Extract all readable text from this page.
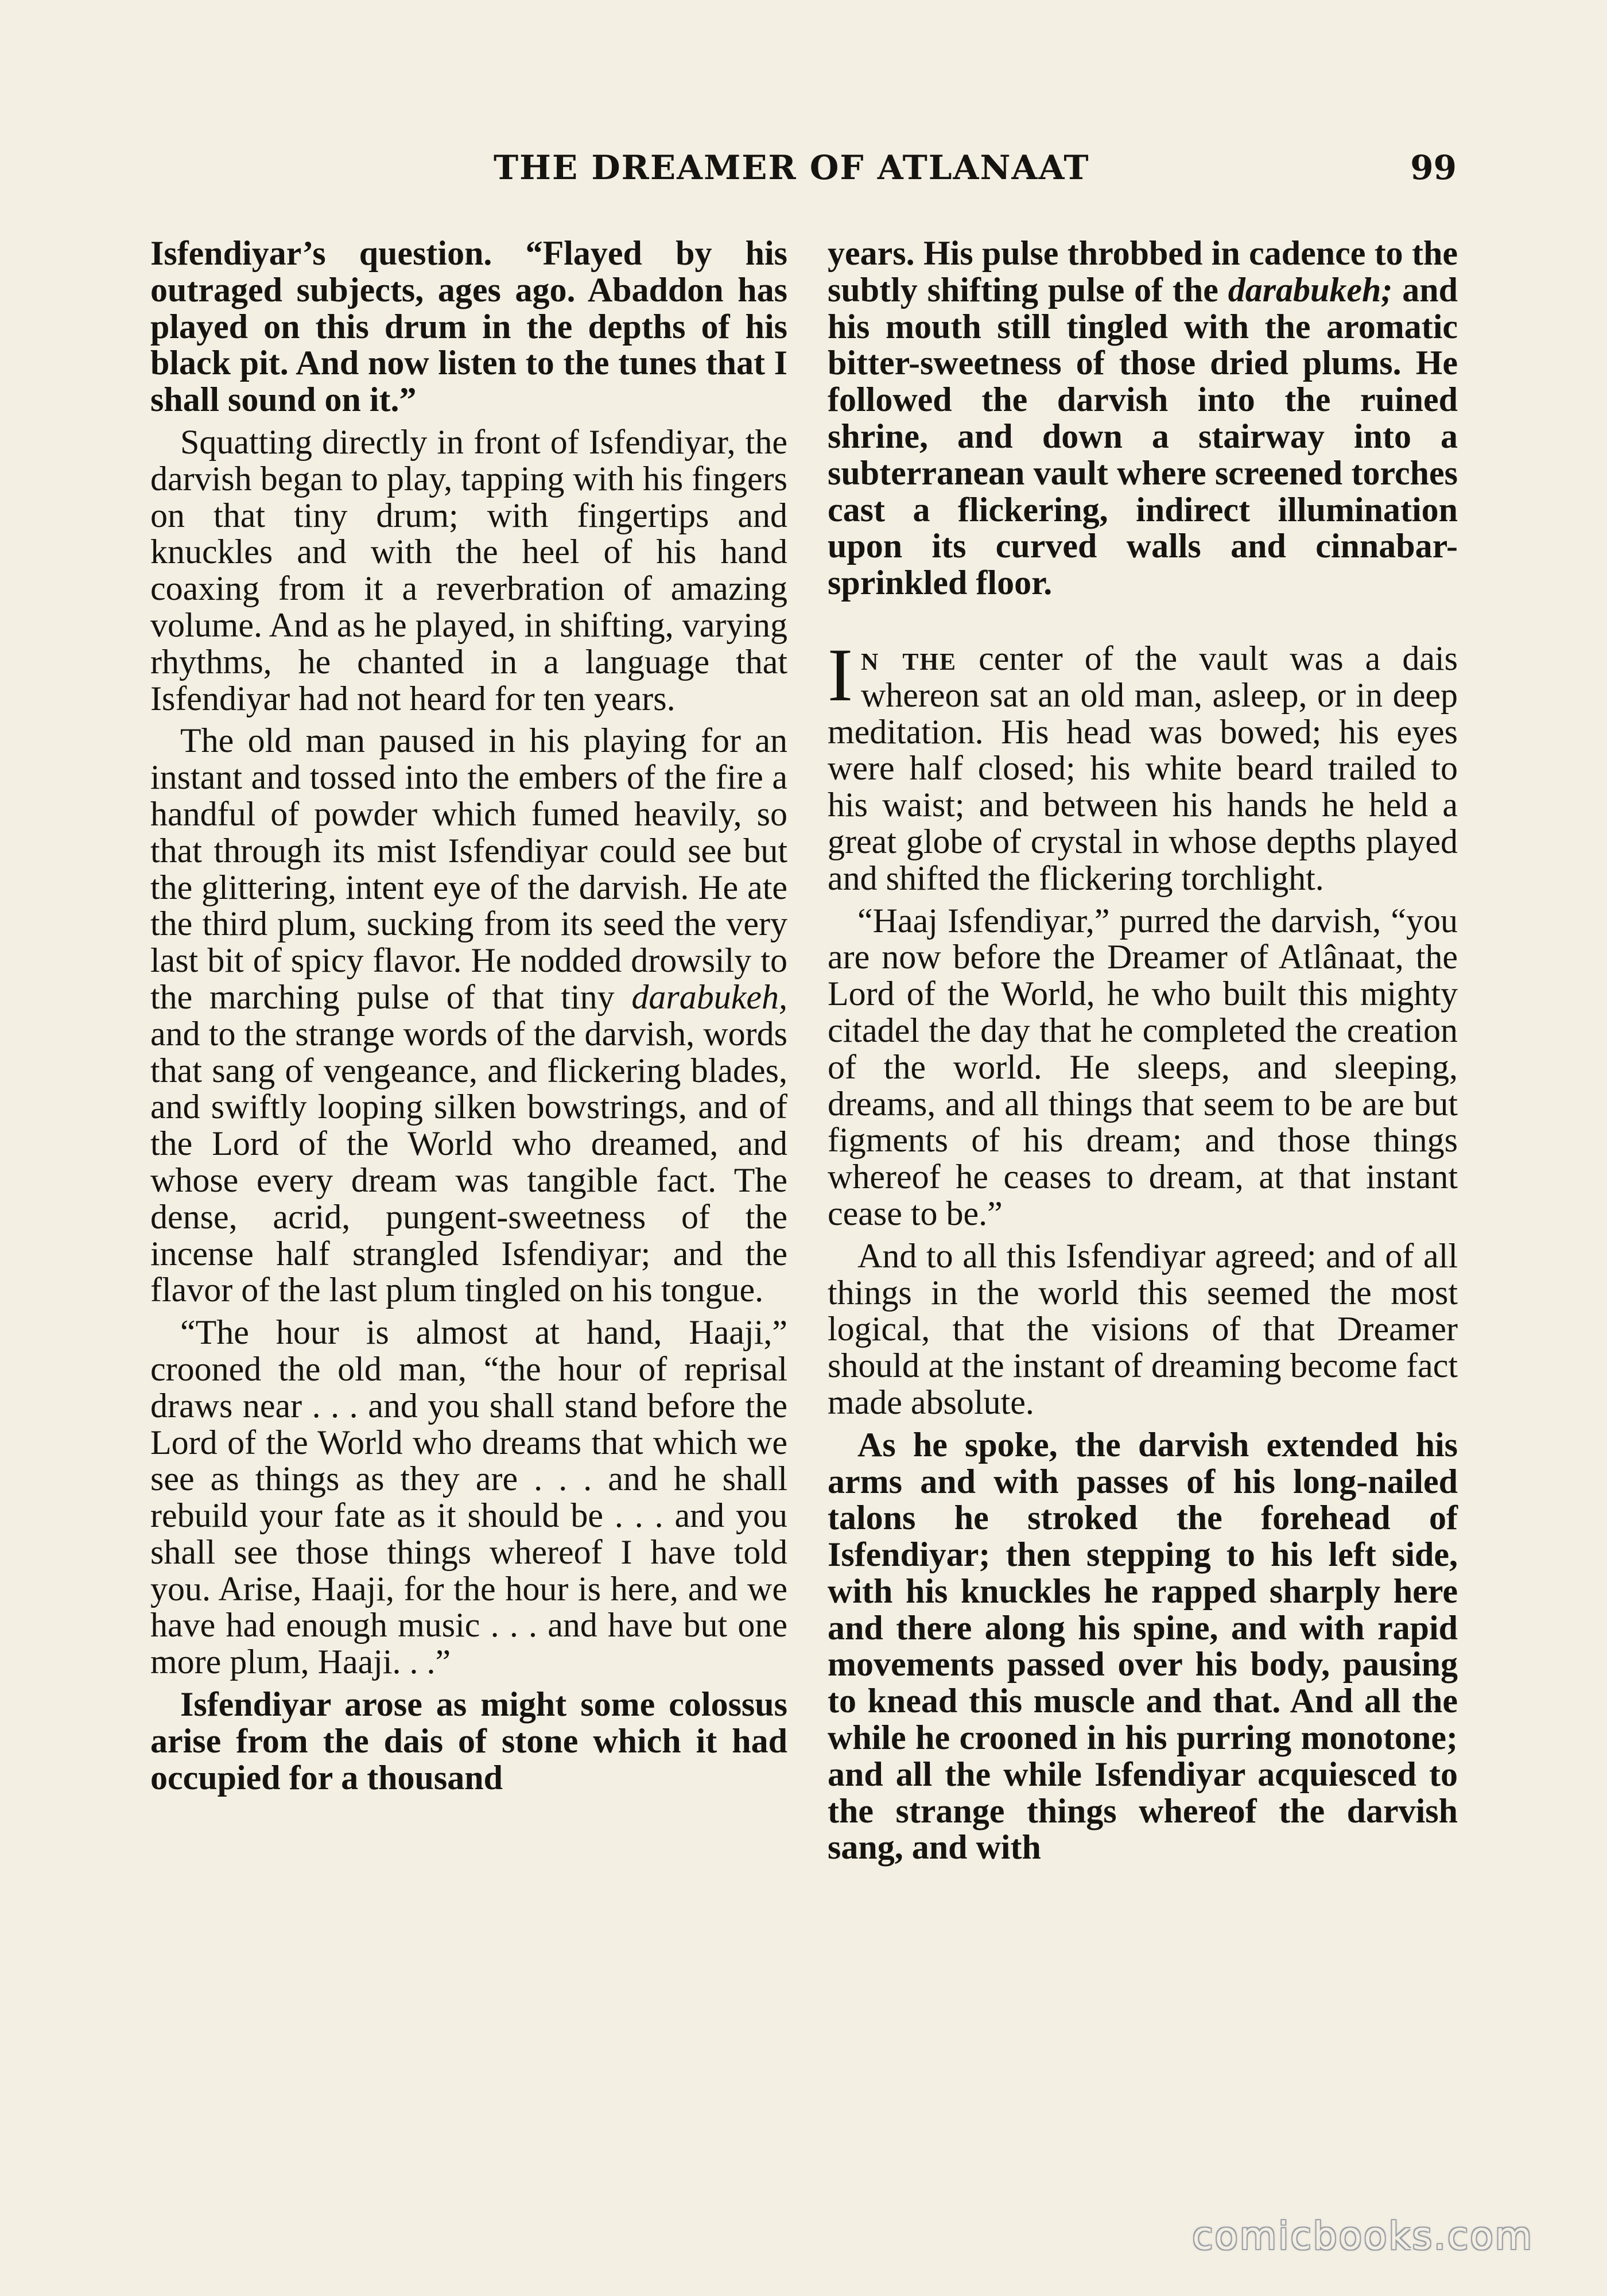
THE DREAMER OF ATLANAAT	99

Isfendiyar’s question. “Flayed by his outraged subjects, ages ago. Abaddon has played on this drum in the depths of his black pit. And now listen to the tunes that I shall sound on it.”

Squatting directly in front of Isfendiyar, the darvish began to play, tapping with his fingers on that tiny drum; with fingertips and knuckles and with the heel of his hand coaxing from it a reverbration of amazing volume. And as he played, in shifting, varying rhythms, he chanted in a language that Isfendiyar had not heard for ten years.

The old man paused in his playing for an instant and tossed into the embers of the fire a handful of powder which fumed heavily, so that through its mist Isfendiyar could see but the glittering, intent eye of the darvish. He ate the third plum, sucking from its seed the very last bit of spicy flavor. He nodded drowsily to the marching pulse of that tiny darabukeh, and to the strange words of the darvish, words that sang of vengeance, and flickering blades, and swiftly looping silken bowstrings, and of the Lord of the World who dreamed, and whose every dream was tangible fact. The dense, acrid, pungent-sweetness of the incense half strangled Isfendiyar; and the flavor of the last plum tingled on his tongue.

“The hour is almost at hand, Haaji,” crooned the old man, “the hour of reprisal draws near . . . and you shall stand before the Lord of the World who dreams that which we see as things as they are . . . and he shall rebuild your fate as it should be . . . and you shall see those things whereof I have told you. Arise, Haaji, for the hour is here, and we have had enough music . . . and have but one more plum, Haaji. . .”

Isfendiyar arose as might some colossus arise from the dais of stone which it had occupied for a thousand

years. His pulse throbbed in cadence to the subtly shifting pulse of the darabukeh; and his mouth still tingled with the aromatic bitter-sweetness of those dried plums. He followed the darvish into the ruined shrine, and down a stairway into a subterranean vault where screened torches cast a flickering, indirect illumination upon its curved walls and cinnabar-sprinkled floor.

In the center of the vault was a dais whereon sat an old man, asleep, or in deep meditation. His head was bowed; his eyes were half closed; his white beard trailed to his waist; and between his hands he held a great globe of crystal in whose depths played and shifted the flickering torchlight.

“Haaj Isfendiyar,” purred the darvish, “you are now before the Dreamer of Atlânaat, the Lord of the World, he who built this mighty citadel the day that he completed the creation of the world. He sleeps, and sleeping, dreams, and all things that seem to be are but figments of his dream; and those things whereof he ceases to dream, at that instant cease to be.”

And to all this Isfendiyar agreed; and of all things in the world this seemed the most logical, that the visions of that Dreamer should at the instant of dreaming become fact made absolute.

As he spoke, the darvish extended his arms and with passes of his long-nailed talons he stroked the forehead of Isfendiyar; then stepping to his left side, with his knuckles he rapped sharply here and there along his spine, and with rapid movements passed over his body, pausing to knead this muscle and that. And all the while he crooned in his purring monotone; and all the while Isfendiyar acquiesced to the strange things whereof the darvish sang, and with

comicbooks.com
